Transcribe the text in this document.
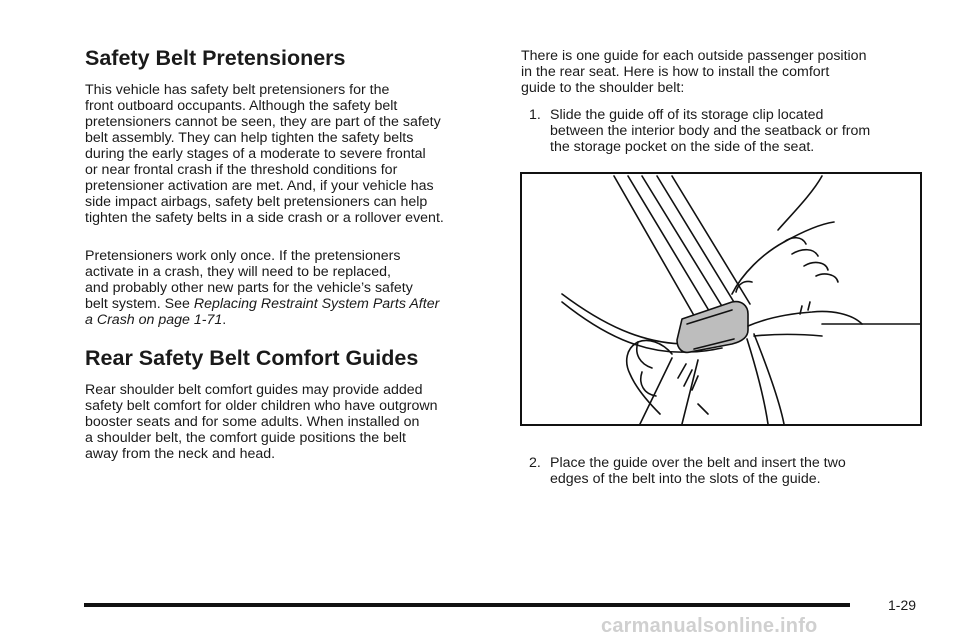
Safety Belt Pretensioners

This vehicle has safety belt pretensioners for the
front outboard occupants. Although the safety belt
pretensioners cannot be seen, they are part of the safety
belt assembly. They can help tighten the safety belts
during the early stages of a moderate to severe frontal
or near frontal crash if the threshold conditions for
pretensioner activation are met. And, if your vehicle has
side impact airbags, safety belt pretensioners can help
tighten the safety belts in a side crash or a rollover event.

Pretensioners work only once. If the pretensioners
activate in a crash, they will need to be replaced,
and probably other new parts for the vehicle’s safety
belt system. See Replacing Restraint System Parts After
a Crash on page 1-71.

Rear Safety Belt Comfort Guides

Rear shoulder belt comfort guides may provide added
safety belt comfort for older children who have outgrown
booster seats and for some adults. When installed on
a shoulder belt, the comfort guide positions the belt
away from the neck and head.

There is one guide for each outside passenger position
in the rear seat. Here is how to install the comfort
guide to the shoulder belt:

1. Slide the guide off of its storage clip located
between the interior body and the seatback or from
the storage pocket on the side of the seat.

2. Place the guide over the belt and insert the two
edges of the belt into the slots of the guide.

1-29
carmanualsonline.info
